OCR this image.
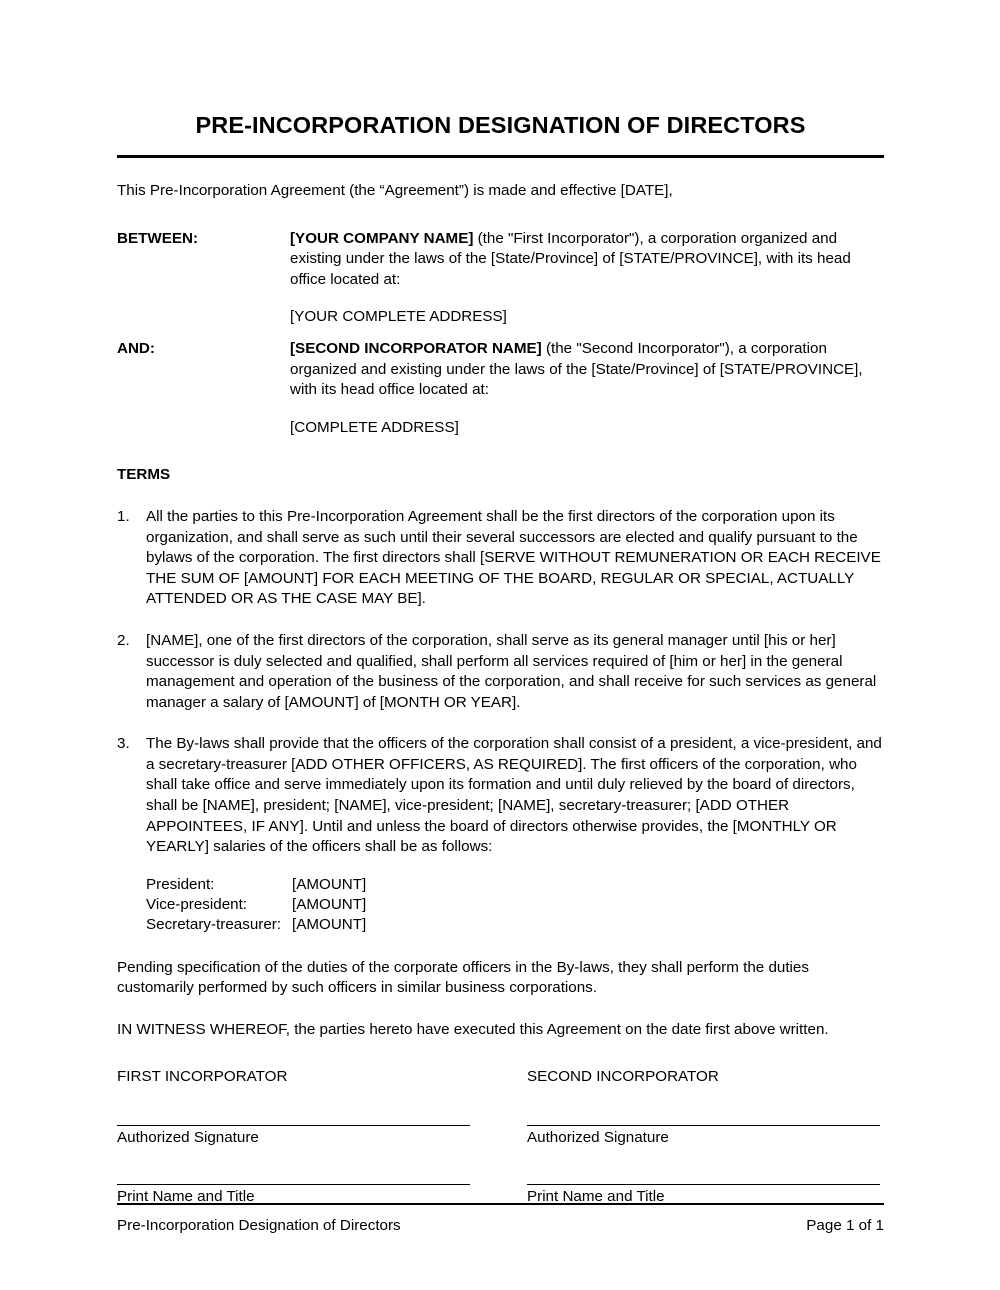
PRE-INCORPORATION DESIGNATION OF DIRECTORS

This Pre-Incorporation Agreement (the “Agreement”) is made and effective [DATE],

BETWEEN:	[YOUR COMPANY NAME] (the "First Incorporator"), a corporation organized and existing under the laws of the [State/Province] of [STATE/PROVINCE], with its head office located at:
[YOUR COMPLETE ADDRESS]
AND:	[SECOND INCORPORATOR NAME] (the "Second Incorporator"), a corporation organized and existing under the laws of the [State/Province] of [STATE/PROVINCE], with its head office located at:
[COMPLETE ADDRESS]
TERMS
1.	All the parties to this Pre-Incorporation Agreement shall be the first directors of the corporation upon its organization, and shall serve as such until their several successors are elected and qualify pursuant to the bylaws of the corporation. The first directors shall [SERVE WITHOUT REMUNERATION OR EACH RECEIVE THE SUM OF [AMOUNT] FOR EACH MEETING OF THE BOARD, REGULAR OR SPECIAL, ACTUALLY ATTENDED OR AS THE CASE MAY BE].
2.	[NAME], one of the first directors of the corporation, shall serve as its general manager until [his or her] successor is duly selected and qualified, shall perform all services required of [him or her] in the general management and operation of the business of the corporation, and shall receive for such services as general manager a salary of [AMOUNT] of [MONTH OR YEAR].
3.	The By-laws shall provide that the officers of the corporation shall consist of a president, a vice-president, and a secretary-treasurer [ADD OTHER OFFICERS, AS REQUIRED]. The first officers of the corporation, who shall take office and serve immediately upon its formation and until duly relieved by the board of directors, shall be [NAME], president; [NAME], vice-president; [NAME], secretary-treasurer; [ADD OTHER APPOINTEES, IF ANY]. Until and unless the board of directors otherwise provides, the [MONTHLY OR YEARLY] salaries of the officers shall be as follows:
President:	[AMOUNT]
Vice-president:	[AMOUNT]
Secretary-treasurer:	[AMOUNT]

Pending specification of the duties of the corporate officers in the By-laws, they shall perform the duties customarily performed by such officers in similar business corporations.

IN WITNESS WHEREOF, the parties hereto have executed this Agreement on the date first above written.

FIRST INCORPORATOR
Authorized Signature
Print Name and Title
SECOND INCORPORATOR
Authorized Signature
Print Name and Title
Pre-Incorporation Designation of Directors	Page 1 of 1
